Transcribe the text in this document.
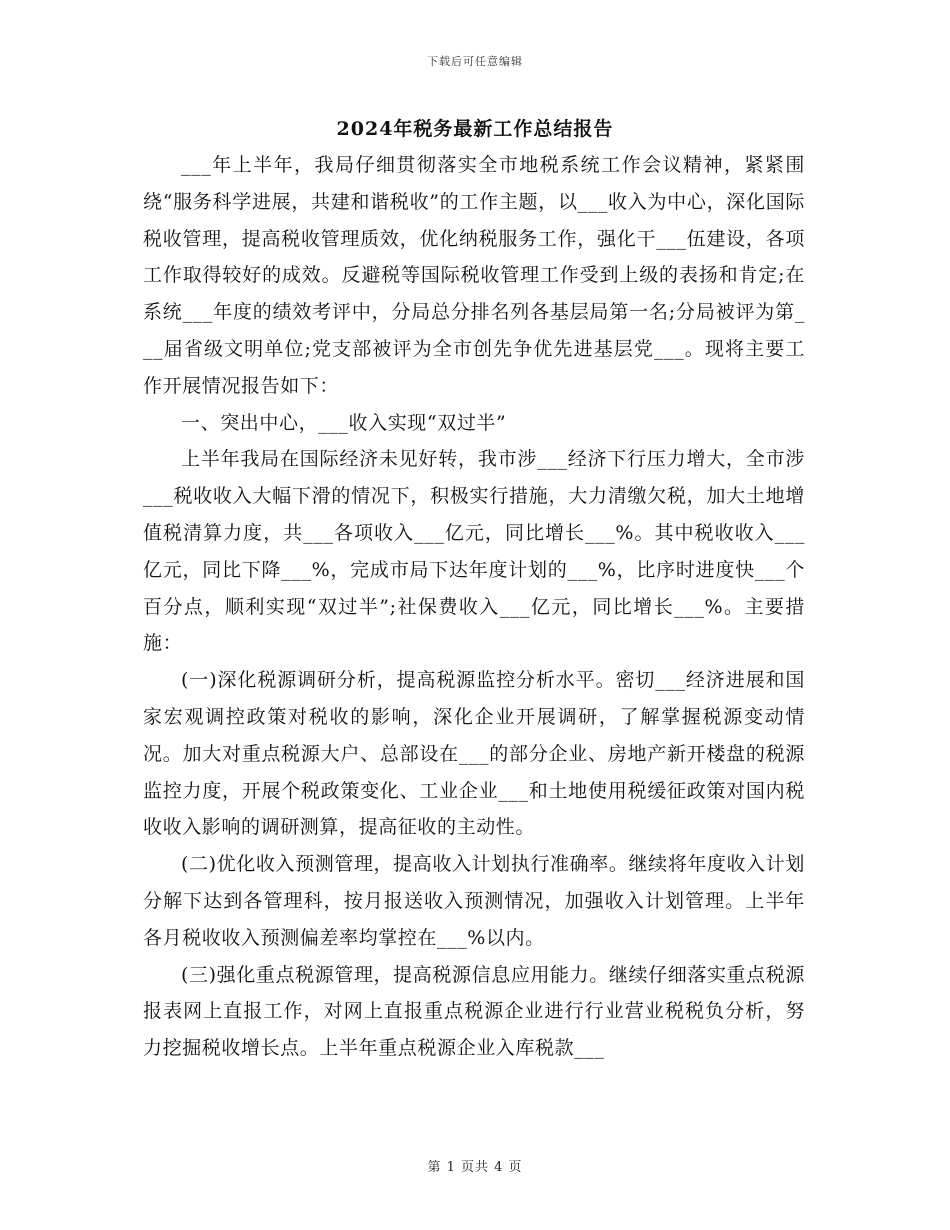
下载后可任意编辑
2024年税务最新工作总结报告

___年上半年，我局仔细贯彻落实全市地税系统工作会议精神，紧紧围绕“服务科学进展，共建和谐税收”的工作主题，以___收入为中心，深化国际税收管理，提高税收管理质效，优化纳税服务工作，强化干___伍建设，各项工作取得较好的成效。反避税等国际税收管理工作受到上级的表扬和肯定;在系统___年度的绩效考评中，分局总分排名列各基层局第一名;分局被评为第___届省级文明单位;党支部被评为全市创先争优先进基层党___。现将主要工作开展情况报告如下：

一、突出中心，___收入实现“双过半”

上半年我局在国际经济未见好转，我市涉___经济下行压力增大，全市涉___税收收入大幅下滑的情况下，积极实行措施，大力清缴欠税，加大土地增值税清算力度，共___各项收入___亿元，同比增长___%。其中税收收入___亿元，同比下降___%，完成市局下达年度计划的___%，比序时进度快___个百分点，顺利实现“双过半”;社保费收入___亿元，同比增长___%。主要措施：

(一)深化税源调研分析，提高税源监控分析水平。密切___经济进展和国家宏观调控政策对税收的影响，深化企业开展调研，了解掌握税源变动情况。加大对重点税源大户、总部设在___的部分企业、房地产新开楼盘的税源监控力度，开展个税政策变化、工业企业___和土地使用税缓征政策对国内税收收入影响的调研测算，提高征收的主动性。

(二)优化收入预测管理，提高收入计划执行准确率。继续将年度收入计划分解下达到各管理科，按月报送收入预测情况，加强收入计划管理。上半年各月税收收入预测偏差率均掌控在___%以内。

(三)强化重点税源管理，提高税源信息应用能力。继续仔细落实重点税源报表网上直报工作，对网上直报重点税源企业进行行业营业税税负分析，努力挖掘税收增长点。上半年重点税源企业入库税款___

第 1 页共 4 页
